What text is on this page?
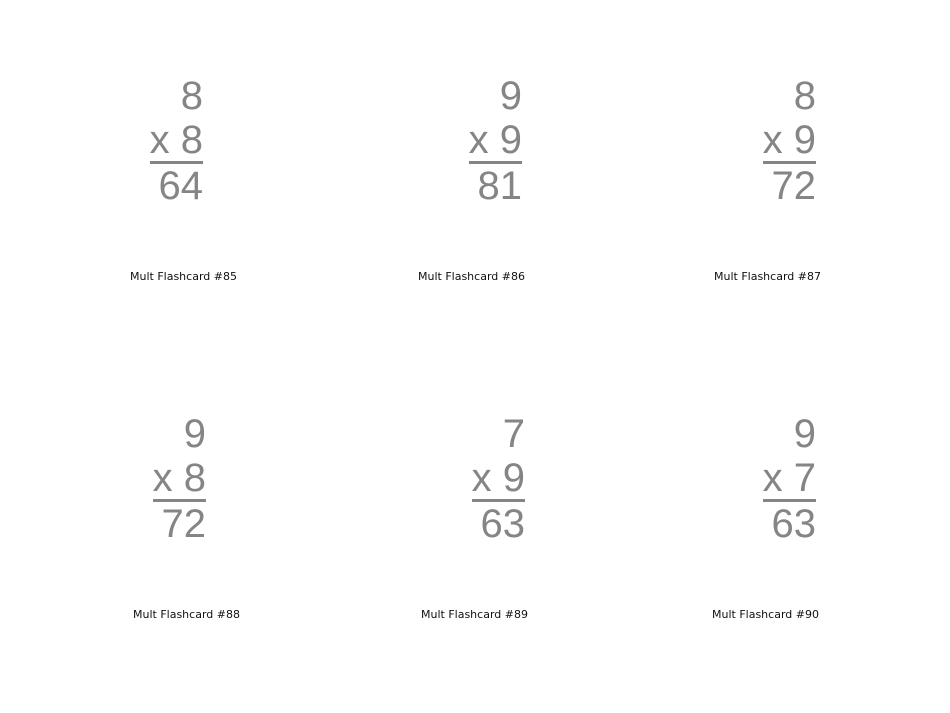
8
x 8
64
Mult Flashcard #85
9
x 9
81
Mult Flashcard #86
8
x 9
72
Mult Flashcard #87
9
x 8
72
Mult Flashcard #88
7
x 9
63
Mult Flashcard #89
9
x 7
63
Mult Flashcard #90
